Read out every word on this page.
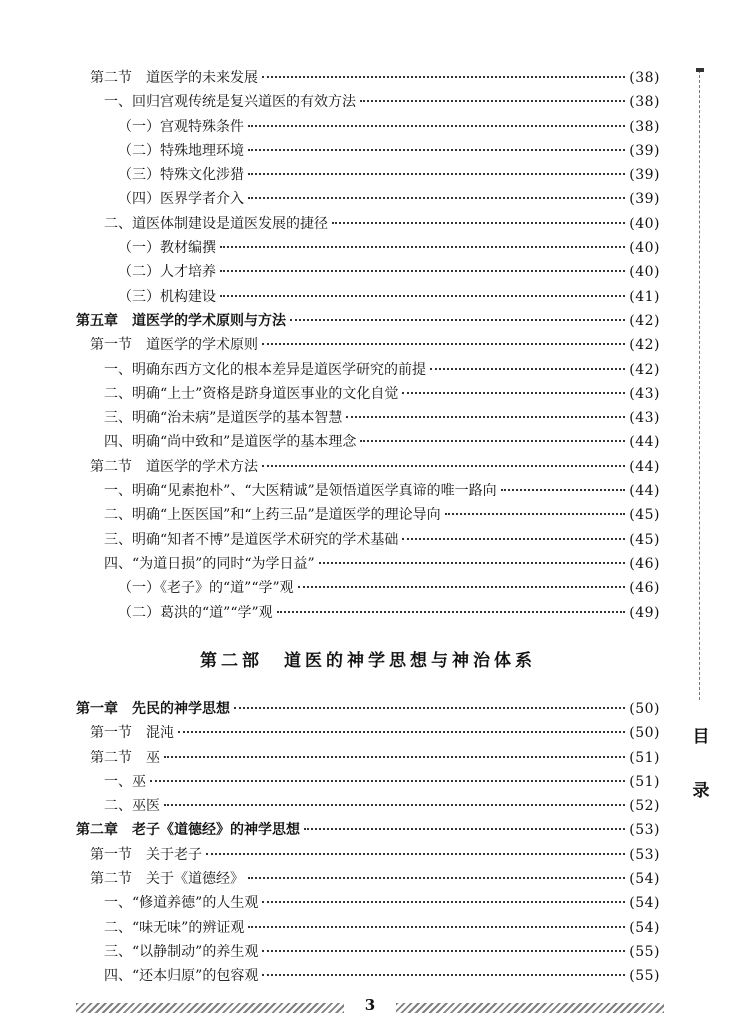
第二节　道医学的未来发展	(38)
一、回归宫观传统是复兴道医的有效方法	(38)
（一）宫观特殊条件	(38)
（二）特殊地理环境	(39)
（三）特殊文化涉猎	(39)
（四）医界学者介入	(39)
二、道医体制建设是道医发展的捷径	(40)
（一）教材编撰	(40)
（二）人才培养	(40)
（三）机构建设	(41)
第五章　道医学的学术原则与方法	(42)
第一节　道医学的学术原则	(42)
一、明确东西方文化的根本差异是道医学研究的前提	(42)
二、明确“上士”资格是跻身道医事业的文化自觉	(43)
三、明确“治未病”是道医学的基本智慧	(43)
四、明确“尚中致和”是道医学的基本理念	(44)
第二节　道医学的学术方法	(44)
一、明确“见素抱朴”、“大医精诚”是领悟道医学真谛的唯一路向	(44)
二、明确“上医医国”和“上药三品”是道医学的理论导向	(45)
三、明确“知者不博”是道医学术研究的学术基础	(45)
四、“为道日损”的同时“为学日益”	(46)
（一）《老子》的“道”“学”观	(46)
（二）葛洪的“道”“学”观	(49)
第二部　道医的神学思想与神治体系
第一章　先民的神学思想	(50)
第一节　混沌	(50)
第二节　巫	(51)
一、巫	(51)
二、巫医	(52)
第二章　老子《道德经》的神学思想	(53)
第一节　关于老子	(53)
第二节　关于《道德经》	(54)
一、“修道养德”的人生观	(54)
二、“味无味”的辨证观	(54)
三、“以静制动”的养生观	(55)
四、“还本归原”的包容观	(55)
目
录
3
